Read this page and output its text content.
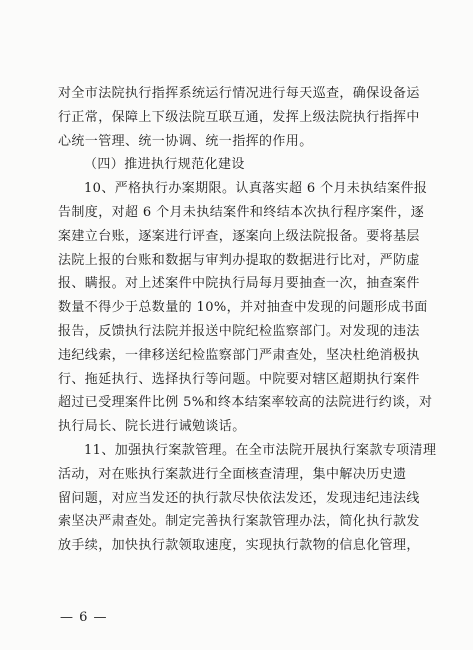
对全市法院执行指挥系统运行情况进行每天巡查，确保设备运
行正常，保障上下级法院互联互通，发挥上级法院执行指挥中
心统一管理、统一协调、统一指挥的作用。
（四）推进执行规范化建设
10、严格执行办案期限。认真落实超 6 个月未执结案件报
告制度，对超 6 个月未执结案件和终结本次执行程序案件，逐
案建立台账，逐案进行评查，逐案向上级法院报备。要将基层
法院上报的台账和数据与审判办提取的数据进行比对，严防虚
报、瞒报。对上述案件中院执行局每月要抽查一次，抽查案件
数量不得少于总数量的 10%，并对抽查中发现的问题形成书面
报告，反馈执行法院并报送中院纪检监察部门。对发现的违法
违纪线索，一律移送纪检监察部门严肃查处，坚决杜绝消极执
行、拖延执行、选择执行等问题。中院要对辖区超期执行案件
超过已受理案件比例 5%和终本结案率较高的法院进行约谈，对
执行局长、院长进行诫勉谈话。
11、加强执行案款管理。在全市法院开展执行案款专项清理
活动，对在账执行案款进行全面核查清理，集中解决历史遗
留问题，对应当发还的执行款尽快依法发还，发现违纪违法线
索坚决严肃查处。制定完善执行案款管理办法，简化执行款发
放手续，加快执行款领取速度，实现执行款物的信息化管理，
— 6 —
